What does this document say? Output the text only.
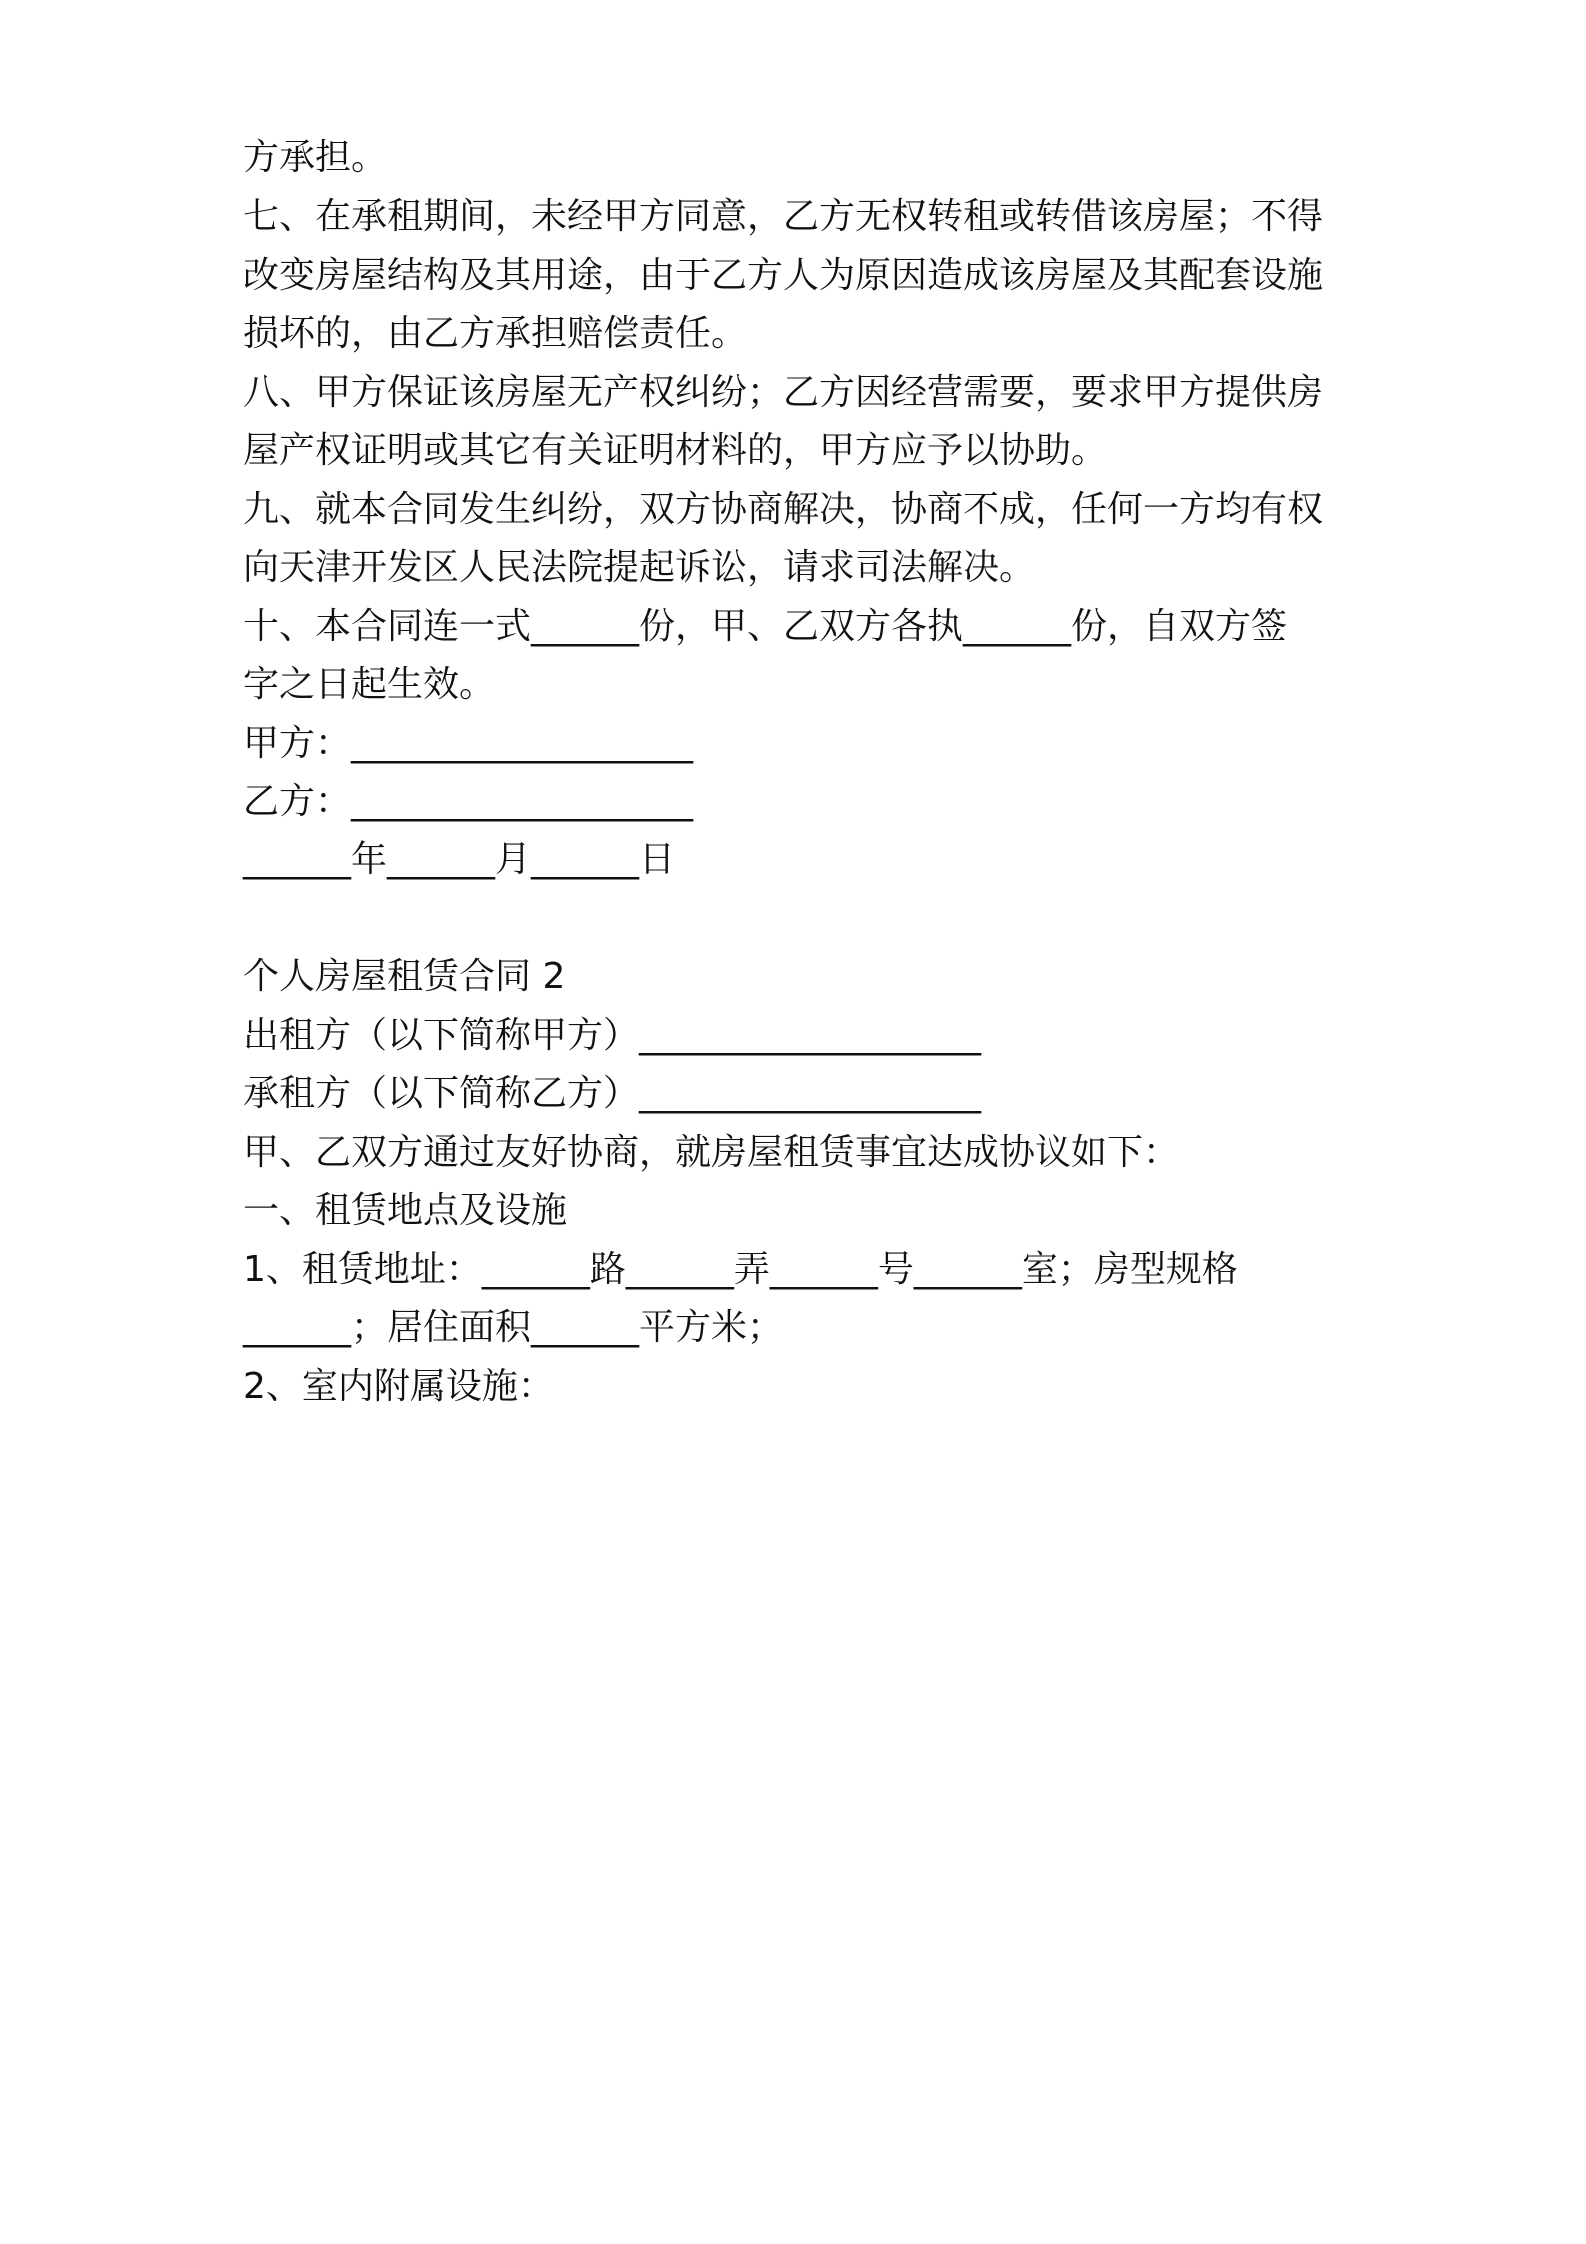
方承担。

七、在承租期间，未经甲方同意，乙方无权转租或转借该房屋；不得

改变房屋结构及其用途，由于乙方人为原因造成该房屋及其配套设施

损坏的，由乙方承担赔偿责任。

八、甲方保证该房屋无产权纠纷；乙方因经营需要，要求甲方提供房

屋产权证明或其它有关证明材料的，甲方应予以协助。

九、就本合同发生纠纷，双方协商解决，协商不成，任何一方均有权

向天津开发区人民法院提起诉讼，请求司法解决。

十、本合同连一式______份，甲、乙双方各执______份，自双方签

字之日起生效。

甲方：___________________

乙方：___________________

______年______月______日

个人房屋租赁合同 2

出租方（以下简称甲方）___________________

承租方（以下简称乙方）___________________

甲、乙双方通过友好协商，就房屋租赁事宜达成协议如下：

一、租赁地点及设施

1、租赁地址：______路______弄______号______室；房型规格

______；居住面积______平方米；

2、室内附属设施：
